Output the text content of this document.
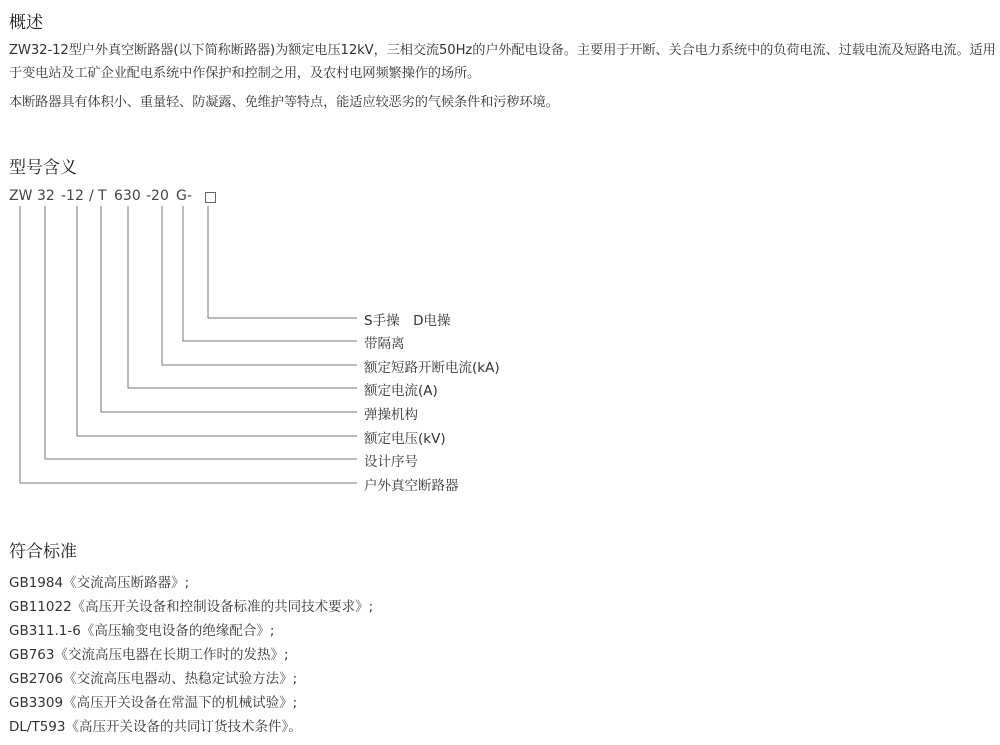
概述

ZW32-12型户外真空断路器(以下简称断路器)为额定电压12kV，三相交流50Hz的户外配电设备。主要用于开断、关合电力系统中的负荷电流、过载电流及短路电流。适用于变电站及工矿企业配电系统中作保护和控制之用，及农村电网频繁操作的场所。

本断路器具有体积小、重量轻、防凝露、免维护等特点，能适应较恶劣的气候条件和污秽环境。

型号含义
ZW 32 -12 / T 630 -20 G-
S手操　D电操
带隔离
额定短路开断电流(kA)
额定电流(A)
弹操机构
额定电压(kV)
设计序号
户外真空断路器
符合标准
GB1984《交流高压断路器》;
GB11022《高压开关设备和控制设备标准的共同技术要求》;
GB311.1-6《高压输变电设备的绝缘配合》;
GB763《交流高压电器在长期工作时的发热》;
GB2706《交流高压电器动、热稳定试验方法》;
GB3309《高压开关设备在常温下的机械试验》;
DL/T593《高压开关设备的共同订货技术条件》。
